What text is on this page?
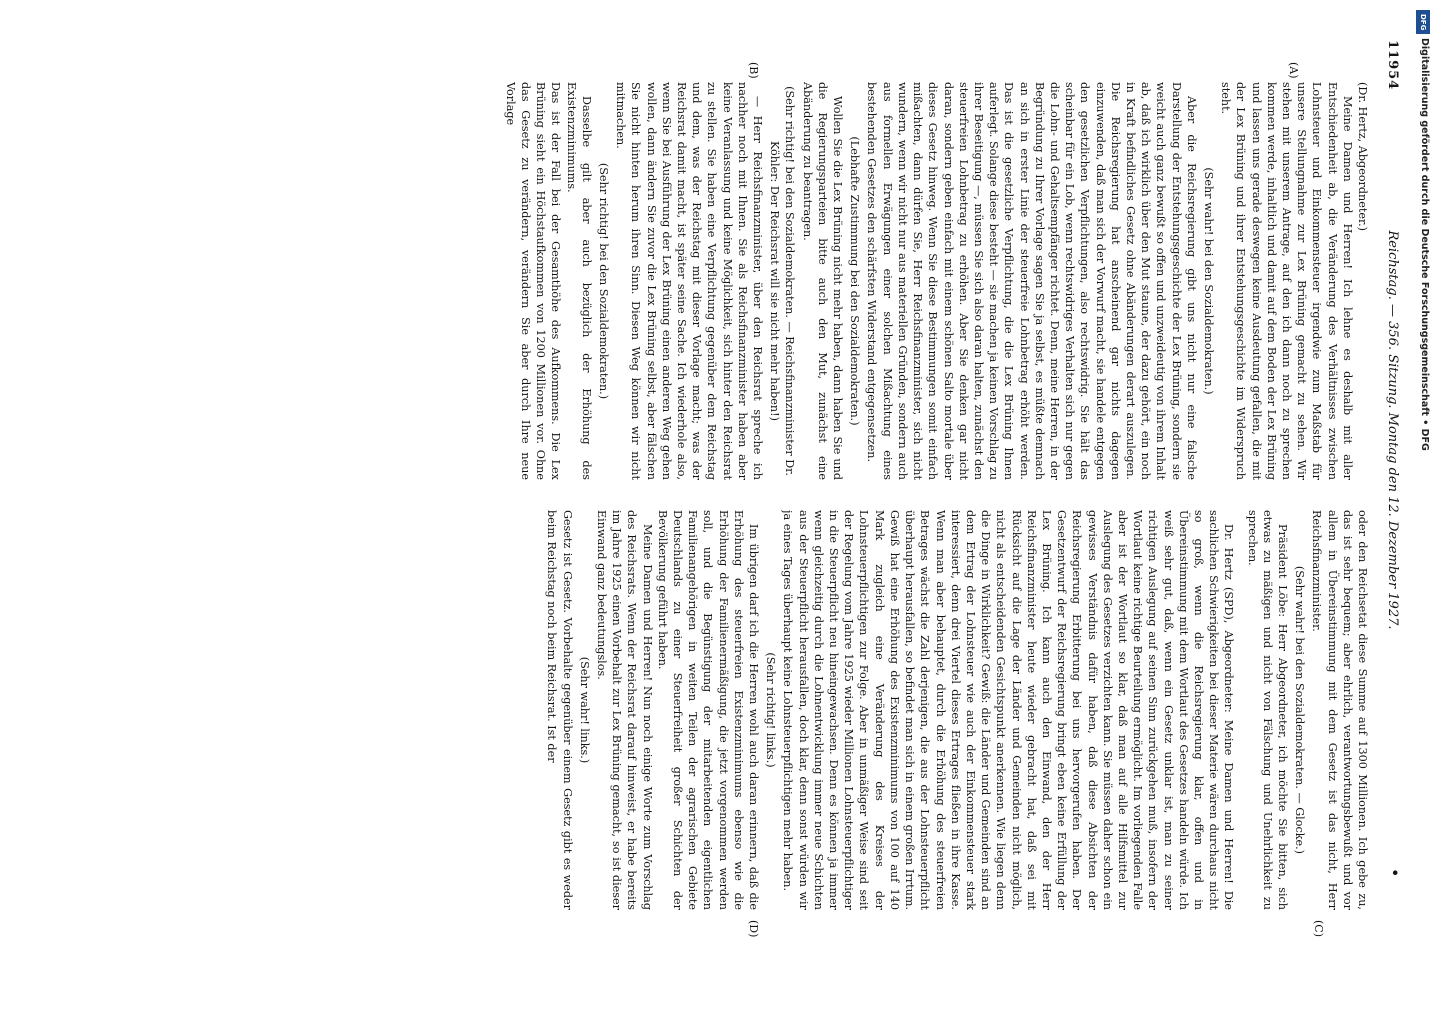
11954
Reichstag. — 356. Sitzung. Montag den 12. Dezember 1927.
•
(A)
(B)
(C)
(D)

(Dr. Hertz, Abgeordneter.)

Meine Damen und Herren! Ich lehne es deshalb mit aller Entschiedenheit ab, die Veränderung des Verhältnisses zwischen Lohnsteuer und Einkommensteuer irgendwie zum Maßstab für unsere Stellungnahme zur Lex Brüning gemacht zu sehen. Wir stehen mit unserem Antrage, auf den ich dann noch zu sprechen kommen werde, inhaltlich und damit auf dem Boden der Lex Brüning und lassen uns gerade deswegen keine Ausdeutung gefallen, die mit der Lex Brüning und ihrer Entstehungsgeschichte im Widerspruch steht.

(Sehr wahr! bei den Sozialdemokraten.)

Aber die Reichsregierung gibt uns nicht nur eine falsche Darstellung der Entstehungsgeschichte der Lex Brüning, sondern sie weicht auch ganz bewußt so offen und unzweideutig von ihrem Inhalt ab, daß ich wirklich über den Mut staune, der dazu gehört, ein noch in Kraft befindliches Gesetz ohne Abänderungen derart auszulegen. Die Reichsregierung hat anscheinend gar nichts dagegen einzuwenden, daß man sich der Vorwurf macht, sie handele entgegen den gesetzlichen Verpflichtungen, also rechtswidrig. Sie hält das scheinbar für ein Lob, wenn rechtswidriges Verhalten sich nur gegen die Lohn- und Gehaltsempfänger richtet. Denn, meine Herren, in der Begründung zu Ihrer Vorlage sagen Sie ja selbst, es müßte demnach an sich in erster Linie der steuerfreie Lohnbetrag erhöht werden. Das ist die gesetzliche Verpflichtung, die die Lex Brüning Ihnen auferlegt. Solange diese besteht — sie machen ja keinen Vorschlag zu ihrer Beseitigung —, müssen Sie sich also daran halten, zunächst den steuerfreien Lohnbetrag zu erhöhen. Aber Sie denken gar nicht daran, sondern geben einfach mit einem schönen Salto mortale über dieses Gesetz hinweg. Wenn Sie diese Bestimmungen somit einfach mißachten, dann dürfen Sie, Herr Reichsfinanzminister, sich nicht wundern, wenn wir nicht nur aus materiellen Gründen, sondern auch aus formellen Erwägungen einer solchen Mißachtung eines bestehenden Gesetzes den schärfsten Widerstand entgegensetzen.

(Lebhafte Zustimmung bei den Sozialdemokraten.)

Wollen Sie die Lex Brüning nicht mehr haben, dann haben Sie und die Regierungsparteien bitte auch den Mut, zunächst eine Abänderung zu beantragen.

(Sehr richtig! bei den Sozialdemokraten. — Reichsfinanzminister Dr. Köhler: Der Reichsrat will sie nicht mehr haben!)

— Herr Reichsfinanzminister, über den Reichsrat spreche ich nachher noch mit Ihnen. Sie als Reichsfinanzminister haben aber keine Veranlassung und keine Möglichkeit, sich hinter den Reichsrat zu stellen. Sie haben eine Verpflichtung gegenüber dem Reichstag und dem, was der Reichstag mit dieser Vorlage macht; was der Reichsrat damit macht, ist später seine Sache. Ich wiederhole also, wenn Sie bei Ausführung der Lex Brüning einen anderen Weg gehen wollen, dann ändern Sie zuvor die Lex Brüning selbst, aber fälschen Sie nicht hinten herum ihren Sinn. Diesen Weg können wir nicht mitmachen.

(Sehr richtig! bei den Sozialdemokraten.)

Dasselbe gilt aber auch bezüglich der Erhöhung des Existenzminimums.

Das ist der Fall bei der Gesamthöhe des Aufkommens. Die Lex Brüning sieht ein Höchstaufkommen von 1200 Millionen vor. Ohne das Gesetz zu verändern, verändern Sie aber durch Ihre neue Vorlage

oder den Reichsetat diese Summe auf 1300 Millionen. Ich gebe zu, das ist sehr bequem; aber ehrlich, verantwortungsbewußt und vor allem in Übereinstimmung mit dem Gesetz ist das nicht, Herr Reichsfinanzminister.

(Sehr wahr! bei den Sozialdemokraten. — Glocke.)

Präsident Löbe: Herr Abgeordneter, ich möchte Sie bitten, sich etwas zu mäßigen und nicht von Fälschung und Unehrlichkeit zu sprechen.

Dr. Hertz (SPD), Abgeordneter: Meine Damen und Herren! Die sachlichen Schwierigkeiten bei dieser Materie wären durchaus nicht so groß, wenn die Reichsregierung klar, offen und in Übereinstimmung mit dem Wortlaut des Gesetzes handeln würde. Ich weiß sehr gut, daß, wenn ein Gesetz unklar ist, man zu seiner richtigen Auslegung auf seinen Sinn zurückgehen muß, insofern der Wortlaut keine richtige Beurteilung ermöglicht. Im vorliegenden Falle aber ist der Wortlaut so klar, daß man auf alle Hilfsmittel zur Auslegung des Gesetzes verzichten kann. Sie müssen daher schon ein gewisses Verständnis dafür haben, daß diese Absichten der Reichsregierung Erbitterung bei uns hervorgerufen haben. Der Gesetzentwurf der Reichsregierung bringt eben keine Erfüllung der Lex Brüning. Ich kann auch den Einwand, den der Herr Reichsfinanzminister heute wieder gebracht hat, daß sei mit Rücksicht auf die Lage der Länder und Gemeinden nicht möglich, nicht als entscheidenden Gesichtspunkt anerkennen. Wie liegen denn die Dinge in Wirklichkeit? Gewiß: die Länder und Gemeinden sind an dem Ertrag der Lohnsteuer wie auch der Einkommensteuer stark interessiert, denn drei Viertel dieses Ertrages fließen in ihre Kasse. Wenn man aber behauptet, durch die Erhöhung des steuerfreien Betrages wächst die Zahl derjenigen, die aus der Lohnsteuerpflicht überhaupt herausfallen, so befindet man sich in einem großen Irrtum. Gewiß hat eine Erhöhung des Existenzminimums von 100 auf 140 Mark zugleich eine Veränderung des Kreises der Lohnsteuerpflichtigen zur Folge. Aber in unmäßiger Weise sind seit der Regelung vom Jahre 1925 wieder Millionen Lohnsteuerpflichtiger in die Steuerpflicht neu hineingewachsen. Denn es können ja immer wenn gleichzeitig durch die Lohnentwicklung immer neue Schichten aus der Steuerpflicht herausfallen, doch klar, denn sonst würden wir ja eines Tages überhaupt keine Lohnsteuerpflichtigen mehr haben.

(Sehr richtig! links.)

Im übrigen darf ich die Herren wohl auch daran erinnern, daß die Erhöhung des steuerfreien Existenzminimums ebenso wie die Erhöhung der Familienermäßigung, die jetzt vorgenommen werden soll, und die Begünstigung der mitarbeitenden eigentlichen Familienangehörigen in weiten Teilen der agrarischen Gebiete Deutschlands zu einer Steuerfreiheit großer Schichten der Bevölkerung geführt haben.

Meine Damen und Herren! Nun noch einige Worte zum Vorschlag des Reichsrats. Wenn der Reichsrat darauf hinweist, er habe bereits im Jahre 1925 einen Vorbehalt zur Lex Brüning gemacht, so ist dieser Einwand ganz bedeutungslos.

(Sehr wahr! links.)

Gesetz ist Gesetz. Vorbehalte gegenüber einem Gesetz gibt es weder beim Reichstag noch beim Reichsrat. Ist der

DFG
Digitalisierung gefördert durch die Deutsche Forschungsgemeinschaft • DFG
